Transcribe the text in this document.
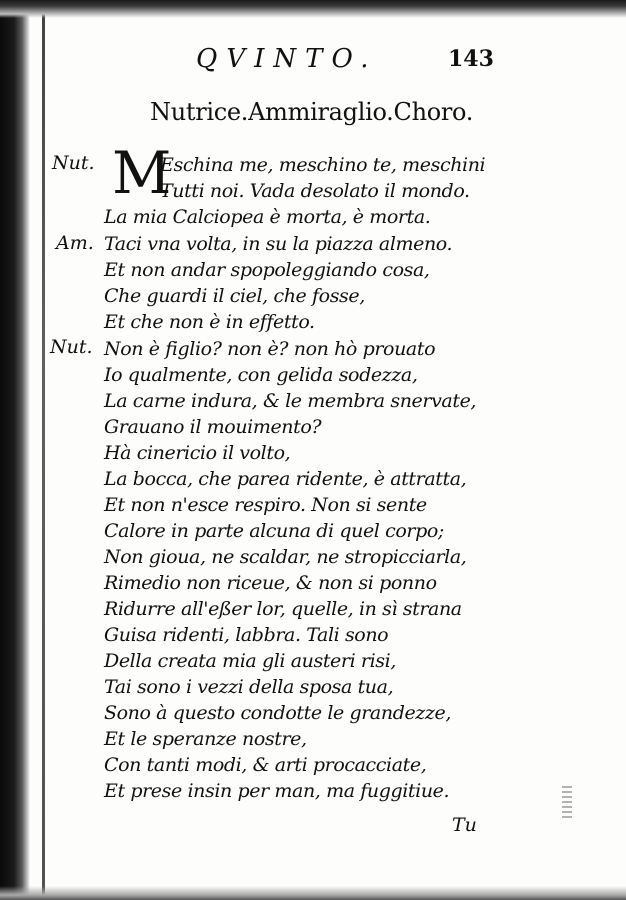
QVINTO.	143
Nutrice.Ammiraglio.Choro.
Nut.
Am.
Nut.
M
Eschina me, meschino te, meschini
Tutti noi. Vada desolato il mondo.
La mia Calciopea è morta, è morta.
Taci vna volta, in su la piazza almeno.
Et non andar spopoleggiando cosa,
Che guardi il ciel, che fosse,
Et che non è in effetto.
Non è figlio? non è? non hò prouato
Io qualmente, con gelida sodezza,
La carne indura, & le membra snervate,
Grauano il mouimento?
Hà cinericio il volto,
La bocca, che parea ridente, è attratta,
Et non n'esce respiro. Non si sente
Calore in parte alcuna di quel corpo;
Non gioua, ne scaldar, ne stropicciarla,
Rimedio non riceue, & non si ponno
Ridurre all'eßer lor, quelle, in sì strana
Guisa ridenti, labbra. Tali sono
Della creata mia gli austeri risi,
Tai sono i vezzi della sposa tua,
Sono à questo condotte le grandezze,
Et le speranze nostre,
Con tanti modi, & arti procacciate,
Et prese insin per man, ma fuggitiue.
Tu
